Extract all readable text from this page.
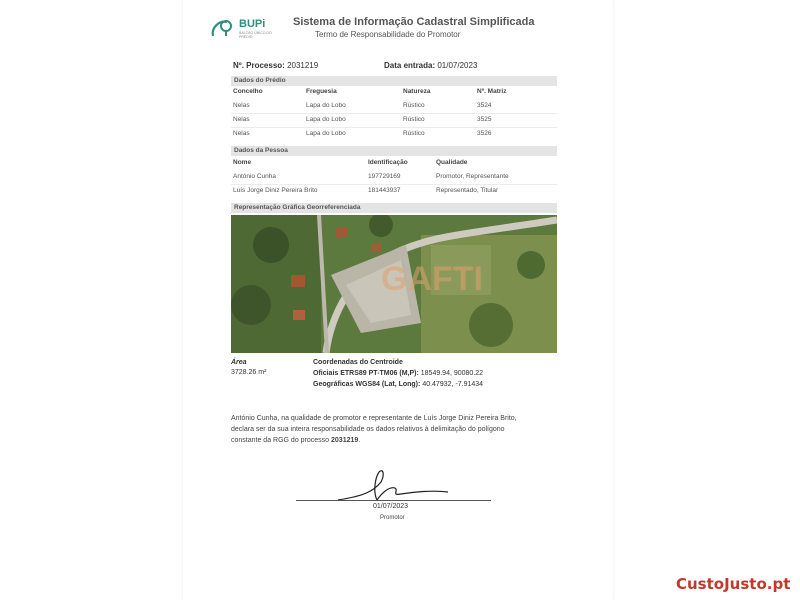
BUPi
BALCÃO ÚNICO DO PRÉDIO
Sistema de Informação Cadastral Simplificada
Termo de Responsabilidade do Promotor
Nº. Processo: 2031219	Data entrada: 01/07/2023
Dados do Prédio
Concelho	Freguesia	Natureza	Nº. Matriz
Nelas	Lapa do Lobo	Rústico	3524
Nelas	Lapa do Lobo	Rústico	3525
Nelas	Lapa do Lobo	Rústico	3526
Dados da Pessoa
Nome	Identificação	Qualidade
António Cunha	197729169	Promotor, Representante
Luís Jorge Diniz Pereira Brito	181443937	Representado, Titular
Representação Gráfica Georreferenciada
GAFTI
Área
3728.26 m²
Coordenadas do Centroide
Oficiais ETRS89 PT-TM06 (M,P): 18549.94, 90080.22
Geográficas WGS84 (Lat, Long): 40.47932, -7.91434
António Cunha, na qualidade de promotor e representante de Luís Jorge Diniz Pereira Brito,
declara ser da sua inteira responsabilidade os dados relativos à delimitação do polígono
constante da RGG do processo 2031219.
01/07/2023
Promotor
CustoJusto.pt
